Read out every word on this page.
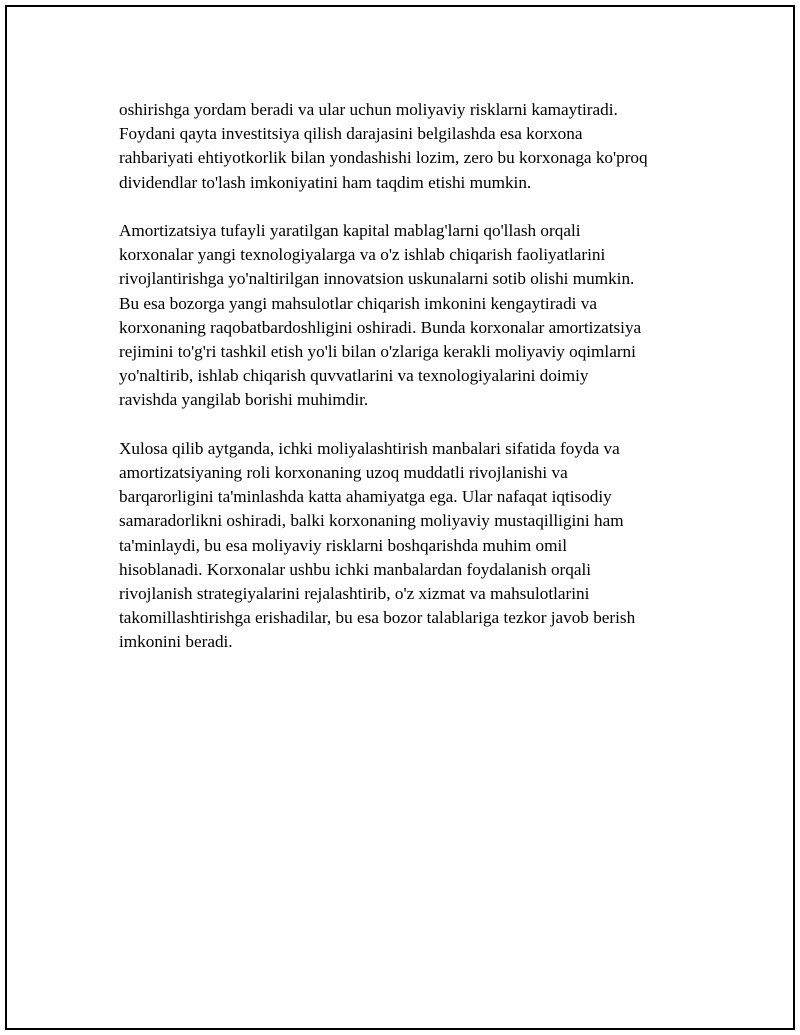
oshirishga yordam beradi va ular uchun moliyaviy risklarni kamaytiradi.
Foydani qayta investitsiya qilish darajasini belgilashda esa korxona
rahbariyati ehtiyotkorlik bilan yondashishi lozim, zero bu korxonaga ko'proq
dividendlar to'lash imkoniyatini ham taqdim etishi mumkin.
Amortizatsiya tufayli yaratilgan kapital mablag'larni qo'llash orqali
korxonalar yangi texnologiyalarga va o'z ishlab chiqarish faoliyatlarini
rivojlantirishga yo'naltirilgan innovatsion uskunalarni sotib olishi mumkin.
Bu esa bozorga yangi mahsulotlar chiqarish imkonini kengaytiradi va
korxonaning raqobatbardoshligini oshiradi. Bunda korxonalar amortizatsiya
rejimini to'g'ri tashkil etish yo'li bilan o'zlariga kerakli moliyaviy oqimlarni
yo'naltirib, ishlab chiqarish quvvatlarini va texnologiyalarini doimiy
ravishda yangilab borishi muhimdir.
Xulosa qilib aytganda, ichki moliyalashtirish manbalari sifatida foyda va
amortizatsiyaning roli korxonaning uzoq muddatli rivojlanishi va
barqarorligini ta'minlashda katta ahamiyatga ega. Ular nafaqat iqtisodiy
samaradorlikni oshiradi, balki korxonaning moliyaviy mustaqilligini ham
ta'minlaydi, bu esa moliyaviy risklarni boshqarishda muhim omil
hisoblanadi. Korxonalar ushbu ichki manbalardan foydalanish orqali
rivojlanish strategiyalarini rejalashtirib, o'z xizmat va mahsulotlarini
takomillashtirishga erishadilar, bu esa bozor talablariga tezkor javob berish
imkonini beradi.
